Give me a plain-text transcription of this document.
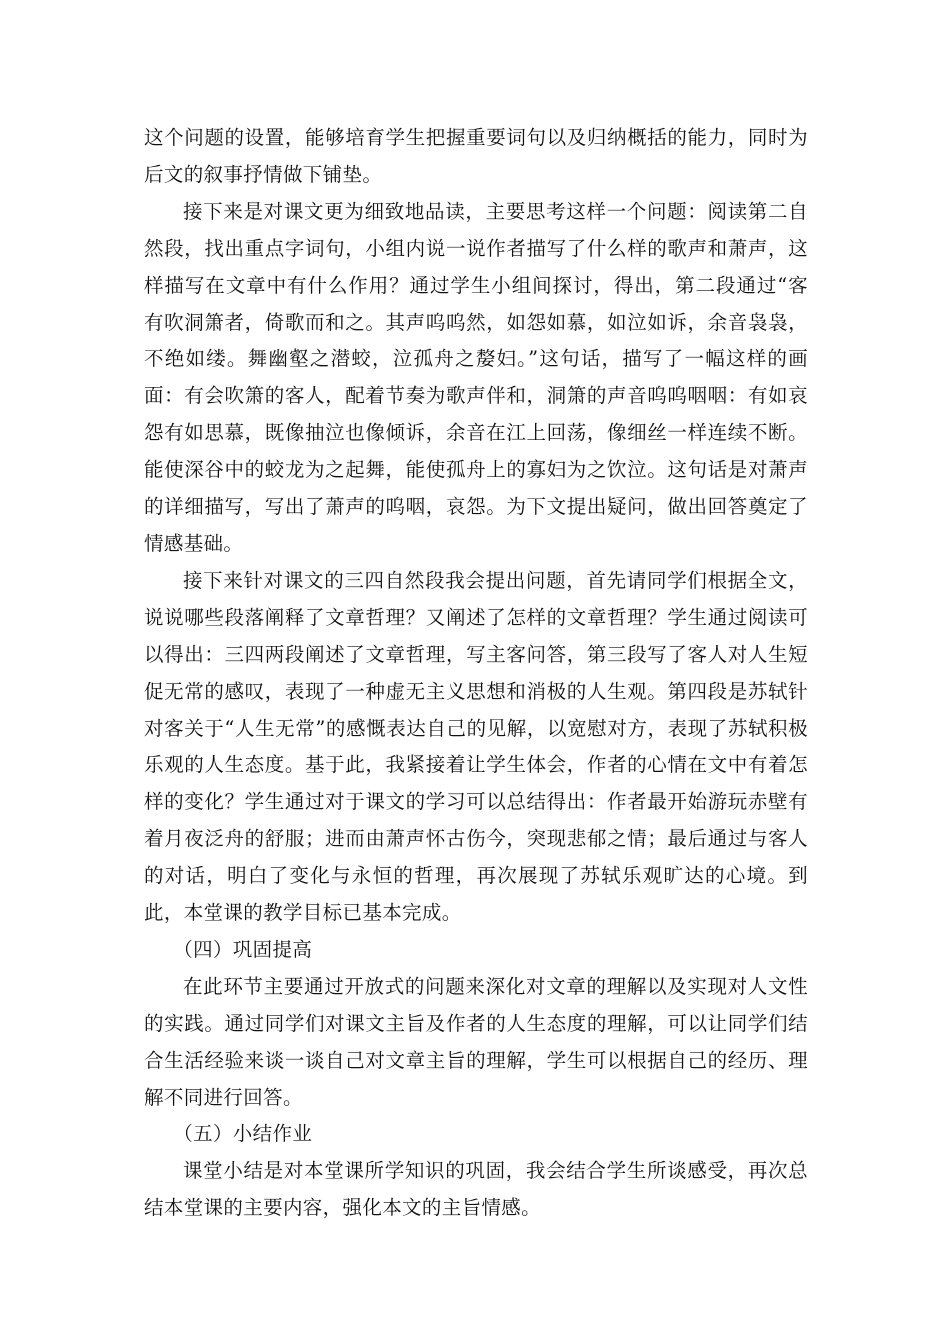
这个问题的设置，能够培育学生把握重要词句以及归纳概括的能力，同时为后文的叙事抒情做下铺垫。

接下来是对课文更为细致地品读，主要思考这样一个问题：阅读第二自然段，找出重点字词句，小组内说一说作者描写了什么样的歌声和萧声，这样描写在文章中有什么作用？通过学生小组间探讨，得出，第二段通过“客有吹洞箫者，倚歌而和之。其声呜呜然，如怨如慕，如泣如诉，余音袅袅，不绝如缕。舞幽壑之潜蛟，泣孤舟之嫠妇。”这句话，描写了一幅这样的画面：有会吹箫的客人，配着节奏为歌声伴和，洞箫的声音呜呜咽咽：有如哀怨有如思慕，既像抽泣也像倾诉，余音在江上回荡，像细丝一样连续不断。能使深谷中的蛟龙为之起舞，能使孤舟上的寡妇为之饮泣。这句话是对萧声的详细描写，写出了萧声的呜咽，哀怨。为下文提出疑问，做出回答奠定了情感基础。

接下来针对课文的三四自然段我会提出问题，首先请同学们根据全文，说说哪些段落阐释了文章哲理？又阐述了怎样的文章哲理？学生通过阅读可以得出：三四两段阐述了文章哲理，写主客问答，第三段写了客人对人生短促无常的感叹，表现了一种虚无主义思想和消极的人生观。第四段是苏轼针对客关于“人生无常”的感慨表达自己的见解，以宽慰对方，表现了苏轼积极乐观的人生态度。基于此，我紧接着让学生体会，作者的心情在文中有着怎样的变化？学生通过对于课文的学习可以总结得出：作者最开始游玩赤壁有着月夜泛舟的舒服；进而由萧声怀古伤今，突现悲郁之情；最后通过与客人的对话，明白了变化与永恒的哲理，再次展现了苏轼乐观旷达的心境。到此，本堂课的教学目标已基本完成。

（四）巩固提高

在此环节主要通过开放式的问题来深化对文章的理解以及实现对人文性的实践。通过同学们对课文主旨及作者的人生态度的理解，可以让同学们结合生活经验来谈一谈自己对文章主旨的理解，学生可以根据自己的经历、理解不同进行回答。

（五）小结作业

课堂小结是对本堂课所学知识的巩固，我会结合学生所谈感受，再次总结本堂课的主要内容，强化本文的主旨情感。
